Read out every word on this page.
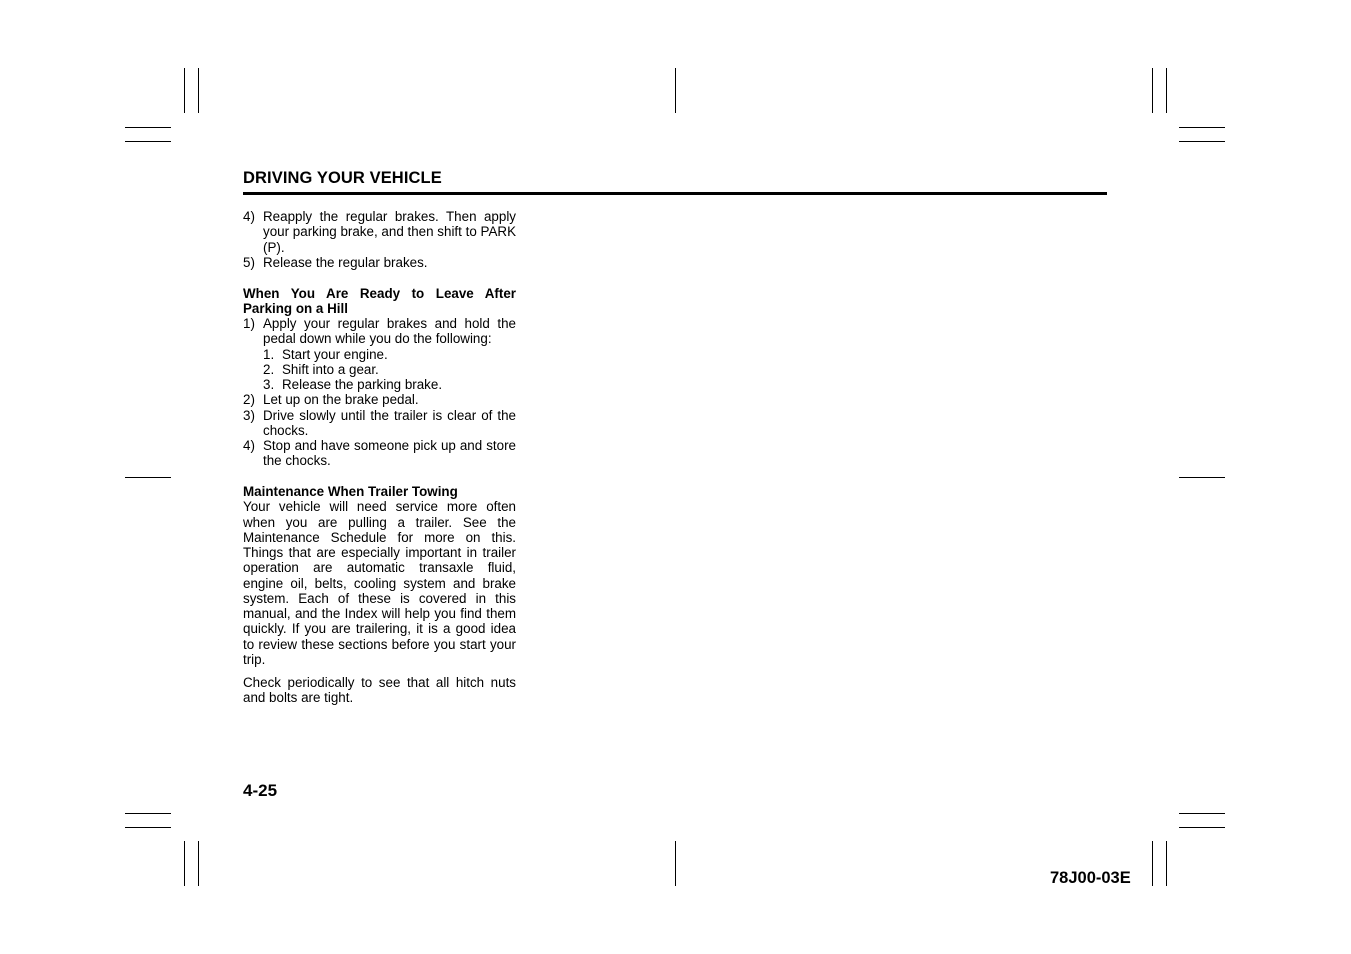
DRIVING YOUR VEHICLE
4) Reapply the regular brakes. Then apply your parking brake, and then shift to PARK (P).
5) Release the regular brakes.
When You Are Ready to Leave After Parking on a Hill
1) Apply your regular brakes and hold the pedal down while you do the following:
1. Start your engine.
2. Shift into a gear.
3. Release the parking brake.
2) Let up on the brake pedal.
3) Drive slowly until the trailer is clear of the chocks.
4) Stop and have someone pick up and store the chocks.
Maintenance When Trailer Towing
Your vehicle will need service more often when you are pulling a trailer. See the Maintenance Schedule for more on this. Things that are especially important in trailer operation are automatic transaxle fluid, engine oil, belts, cooling system and brake system. Each of these is covered in this manual, and the Index will help you find them quickly. If you are trailering, it is a good idea to review these sections before you start your trip.
Check periodically to see that all hitch nuts and bolts are tight.
4-25
78J00-03E
